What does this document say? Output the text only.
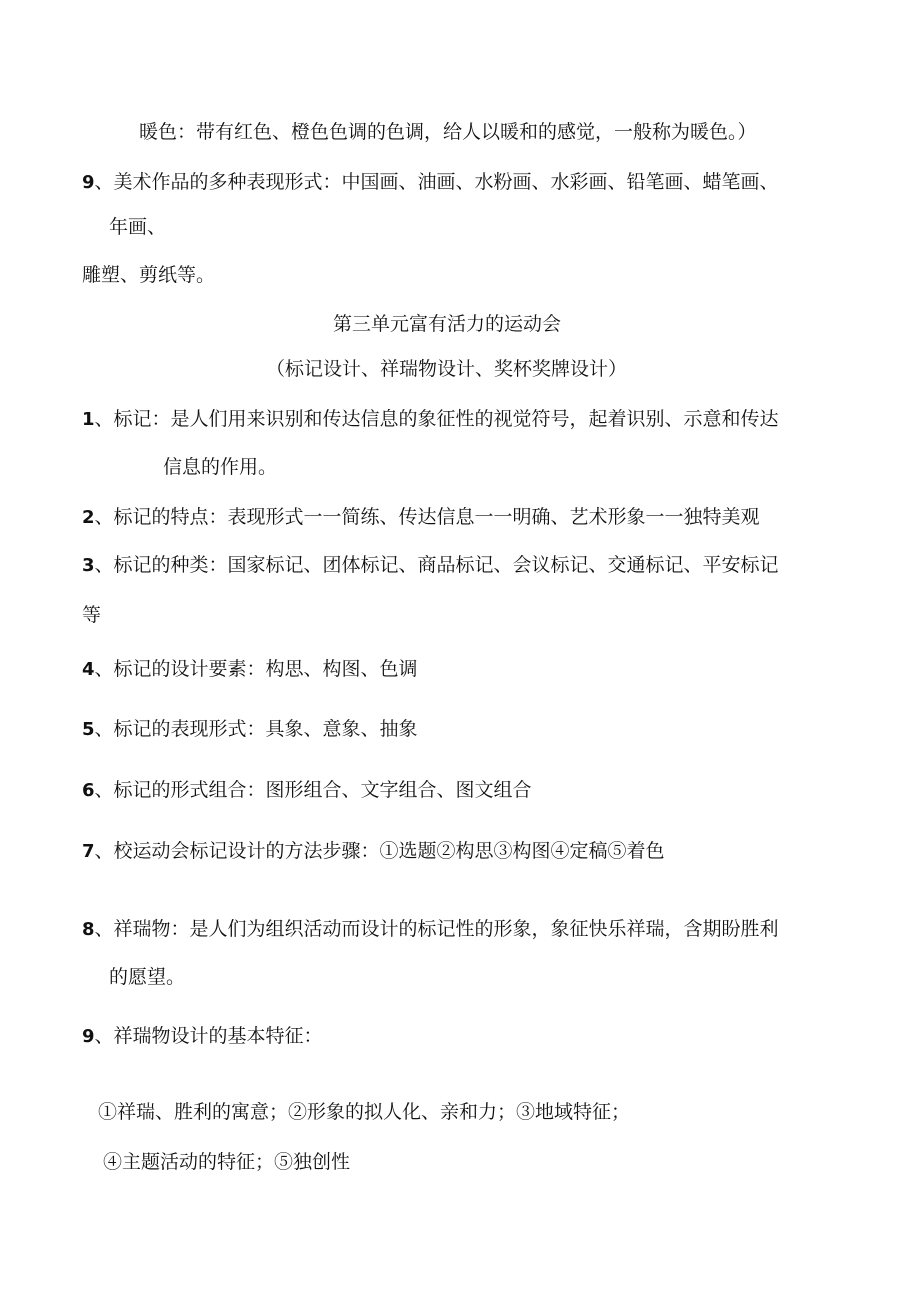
暖色：带有红色、橙色色调的色调，给人以暖和的感觉，一般称为暖色。）
9、美术作品的多种表现形式：中国画、油画、水粉画、水彩画、铅笔画、蜡笔画、
年画、
雕塑、剪纸等。
第三单元富有活力的运动会
（标记设计、祥瑞物设计、奖杯奖牌设计）
1、标记：是人们用来识别和传达信息的象征性的视觉符号，起着识别、示意和传达
信息的作用。
2、标记的特点：表现形式一一简练、传达信息一一明确、艺术形象一一独特美观
3、标记的种类：国家标记、团体标记、商品标记、会议标记、交通标记、平安标记
等
4、标记的设计要素：构思、构图、色调
5、标记的表现形式：具象、意象、抽象
6、标记的形式组合：图形组合、文字组合、图文组合
7、校运动会标记设计的方法步骤：①选题②构思③构图④定稿⑤着色
8、祥瑞物：是人们为组织活动而设计的标记性的形象，象征快乐祥瑞，含期盼胜利
的愿望。
9、祥瑞物设计的基本特征：
①祥瑞、胜利的寓意；②形象的拟人化、亲和力；③地域特征；
④主题活动的特征；⑤独创性
